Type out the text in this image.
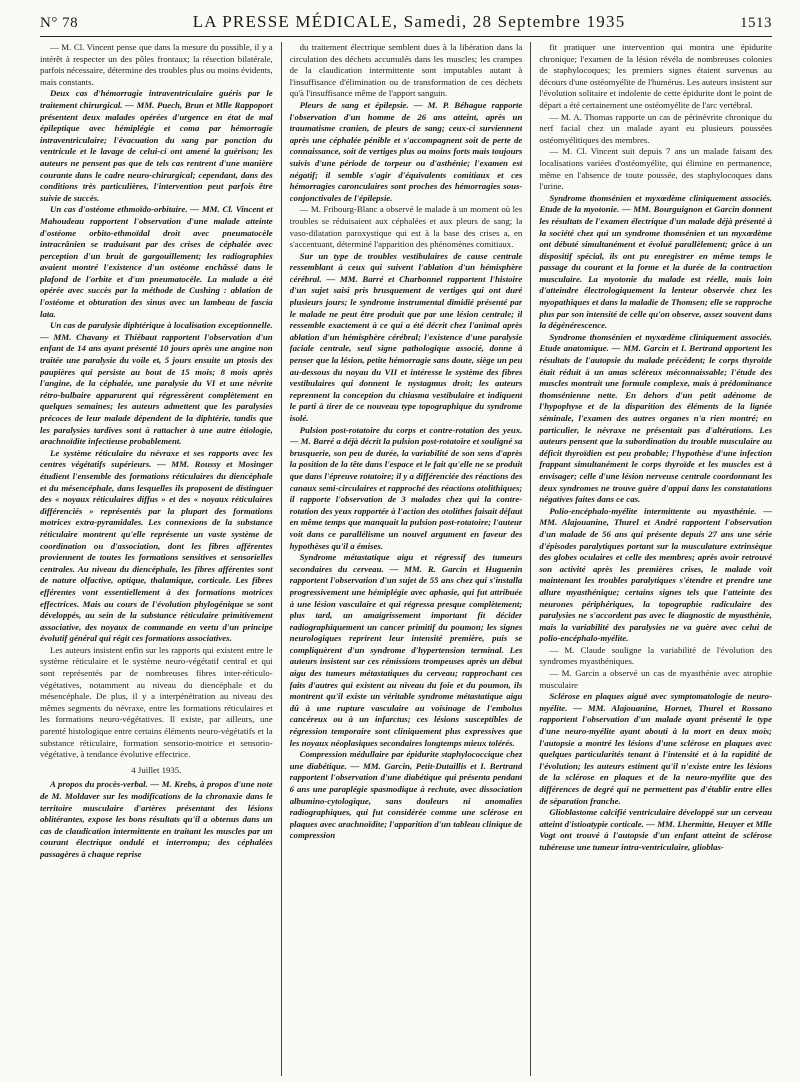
N° 78	LA PRESSE MÉDICALE, Samedi, 28 Septembre 1935	1513

— M. Cl. Vincent pense que dans la mesure du possible, il y a intérêt à respecter un des pôles frontaux; la résection bilatérale, parfois nécessaire, détermine des troubles plus ou moins évidents, mais constants.

Deux cas d'hémorragie intraventriculaire guéris par le traitement chirurgical. — MM. Puech, Brun et Mlle Rappoport présentent deux malades opérées d'urgence en état de mal épileptique avec hémiplégie et coma par hémorragie intraventriculaire; l'évacuation du sang par ponction du ventricule et le lavage de celui-ci ont amené la guérison; les auteurs ne pensent pas que de tels cas rentrent d'une manière courante dans le cadre neuro-chirurgical; cependant, dans des conditions très particulières, l'intervention peut parfois être suivie de succès.

Un cas d'ostéome ethmoïdo-orbitaire. — MM. Cl. Vincent et Mahoudeau rapportent l'observation d'une malade atteinte d'ostéome orbito-ethmoïdal droit avec pneumatocèle intracrânien se traduisant par des crises de céphalée avec perception d'un bruit de gargouillement; les radiographies avaient montré l'existence d'un ostéome enchâssé dans le plafond de l'orbite et d'un pneumatocèle. La malade a été opérée avec succès par la méthode de Cushing : ablation de l'ostéome et obturation des sinus avec un lambeau de fascia lata.

Un cas de paralysie diphtérique à localisation exceptionnelle. — MM. Chavany et Thiébaut rapportent l'observation d'un enfant de 14 ans ayant présenté 10 jours après une angine non traitée une paralysie du voile et, 5 jours ensuite un ptosis des paupières qui persiste au bout de 15 mois; 8 mois après l'angine, de la céphalée, une paralysie du VI et une névrite rétro-bulbaire apparurent qui régressèrent complètement en quelques semaines; les auteurs admettent que les paralysies précoces de leur malade dépendent de la diphtérie, tandis que les paralysies tardives sont à rattacher à une autre étiologie, arachnoïdite infectieuse probablement.

Le système réticulaire du névraxe et ses rapports avec les centres végétatifs supérieurs. — MM. Roussy et Mosinger étudient l'ensemble des formations réticulaires du diencéphale et du mésencéphale, dans lesquelles ils proposent de distinguer des « noyaux réticulaires diffus » et des « noyaux réticulaires différenciés » représentés par la plupart des formations motrices extra-pyramidales. Les connexions de la substance réticulaire montrent qu'elle représente un vaste système de coordination ou d'association, dont les fibres afférentes proviennent de toutes les formations sensitives et sensorielles centrales. Au niveau du diencéphale, les fibres afférentes sont de nature olfactive, optique, thalamique, corticale. Les fibres efférentes vont essentiellement à des formations motrices effectrices. Mais au cours de l'évolution phylogénique se sont développés, au sein de la substance réticulaire primitivement associative, des noyaux de commande en vertu d'un principe évolutif général qui régit ces formations associatives.

Les auteurs insistent enfin sur les rapports qui existent entre le système réticulaire et le système neuro-végétatif central et qui sont représentés par de nombreuses fibres inter-réticulo-végétatives, notamment au niveau du diencéphale et du mésencéphale. De plus, il y a interpénétration au niveau des mêmes segments du névraxe, entre les formations réticulaires et les formations neuro-végétatives. Il existe, par ailleurs, une parenté histologique entre certains éléments neuro-végétatifs et la substance réticulaire, formation sensorio-motrice et sensorio-végétative, à tendance évolutive effectrice.

4 Juillet 1935.

A propos du procès-verbal. — M. Krebs, à propos d'une note de M. Moldaver sur les modifications de la chronaxie dans le territoire musculaire d'artères présentant des lésions oblitérantes, expose les bons résultats qu'il a obtenus dans un cas de claudication intermittente en traitant les muscles par un courant électrique ondulé et interrompu; des céphalées passagères à chaque reprise

du traitement électrique semblent dues à la libération dans la circulation des déchets accumulés dans les muscles; les crampes de la claudication intermittente sont imputables autant à l'insuffisance d'élimination ou de transformation de ces déchets qu'à l'insuffisance même de l'apport sanguin.

Pleurs de sang et épilepsie. — M. P. Béhague rapporte l'observation d'un homme de 26 ans atteint, après un traumatisme cranien, de pleurs de sang; ceux-ci surviennent après une céphalée pénible et s'accompagnent soit de perte de connaissance, soit de vertiges plus ou moins forts mais toujours suivis d'une période de torpeur ou d'asthénie; l'examen est négatif; il semble s'agir d'équivalents comitiaux et ces hémorragies caronculaires sont proches des hémorragies sous-conjonctivales de l'épilepsie.

— M. Fribourg-Blanc a observé le malade à un moment où les troubles se réduisaient aux céphalées et aux pleurs de sang; la vaso-dilatation paroxystique qui est à la base des crises a, en s'accentuant, déterminé l'apparition des phénomènes comitiaux.

Sur un type de troubles vestibulaires de cause centrale ressemblant à ceux qui suivent l'ablation d'un hémisphère cérébral. — MM. Barré et Charbonnel rapportent l'histoire d'un sujet saisi pris brusquement de vertiges qui ont duré plusieurs jours; le syndrome instrumental dimidié présenté par le malade ne peut être produit que par une lésion centrale; il ressemble exactement à ce qui a été décrit chez l'animal après ablation d'un hémisphère cérébral; l'existence d'une paralysie faciale centrale, seul signe pathologique associé, donne à penser que la lésion, petite hémorragie sans doute, siège un peu au-dessous du noyau du VII et intéresse le système des fibres vestibulaires qui donnent le nystagmus droit; les auteurs reprennent la conception du chiasma vestibulaire et indiquent le parti à tirer de ce nouveau type topographique du syndrome isolé.

Pulsion post-rotatoire du corps et contre-rotation des yeux. — M. Barré a déjà décrit la pulsion post-rotatoire et souligné sa brusquerie, son peu de durée, la variabilité de son sens d'après la position de la tête dans l'espace et le fait qu'elle ne se produit que dans l'épreuve rotatoire; il y a différenciée des réactions des canaux semi-circulaires et rapproché des réactions otolithiques; il rapporte l'observation de 3 malades chez qui la contre-rotation des yeux rapportée à l'action des otolithes faisait défaut en même temps que manquait la pulsion post-rotatoire; l'auteur voit dans ce parallélisme un nouvel argument en faveur des hypothèses qu'il a émises.

Syndrome métastatique aigu et régressif des tumeurs secondaires du cerveau. — MM. R. Garcin et Huguenin rapportent l'observation d'un sujet de 55 ans chez qui s'installa progressivement une hémiplégie avec aphasie, qui fut attribuée à une lésion vasculaire et qui régressa presque complètement; plus tard, un amaigrissement important fit décider radiographiquement un cancer primitif du poumon; les signes neurologiques reprirent leur intensité première, puis se compliquèrent d'un syndrome d'hypertension terminal. Les auteurs insistent sur ces rémissions trompeuses après un début aigu des tumeurs métastatiques du cerveau; rapprochant ces faits d'autres qui existent au niveau du foie et du poumon, ils montrent qu'il existe un véritable syndrome métastatique aigu dû à une rupture vasculaire au voisinage de l'embolus cancéreux ou à un infarctus; ces lésions susceptibles de régression temporaire sont cliniquement plus expressives que les noyaux néoplasiques secondaires longtemps mieux tolérés.

Compression médullaire par épidurite staphylococcique chez une diabétique. — MM. Garcin, Petit-Dutaillis et I. Bertrand rapportent l'observation d'une diabétique qui présenta pendant 6 ans une paraplégie spasmodique à rechute, avec dissociation albumino-cytologique, sans douleurs ni anomalies radiographiques, qui fut considérée comme une sclérose en plaques avec arachnoïdite; l'apparition d'un tableau clinique de compression

fit pratiquer une intervention qui montra une épidurite chronique; l'examen de la lésion révéla de nombreuses colonies de staphylocoques; les premiers signes étaient survenus au décours d'une ostéomyélite de l'humérus. Les auteurs insistent sur l'évolution solitaire et indolente de cette épidurite dont le point de départ a été certainement une ostéomyélite de l'arc vertébral.

— M. A. Thomas rapporte un cas de périnévrite chronique du nerf facial chez un malade ayant eu plusieurs poussées ostéomyélitiques des membres.

— M. Cl. Vincent suit depuis 7 ans un malade faisant des localisations variées d'ostéomyélite, qui élimine en permanence, même en l'absence de toute poussée, des staphylocoques dans l'urine.

Syndrome thomsénien et myxœdème cliniquement associés. Etude de la myotonie. — MM. Bourguignon et Garcin donnent les résultats de l'examen électrique d'un malade déjà présenté à la société chez qui un syndrome thomsénien et un myxœdème ont débuté simultanément et évolué parallèlement; grâce à un dispositif spécial, ils ont pu enregistrer en même temps le passage du courant et la forme et la durée de la contraction musculaire. La myotonie du malade est réelle, mais loin d'atteindre électrologiquement la lenteur observée chez les myopathiques et dans la maladie de Thomsen; elle se rapproche plus par son intensité de celle qu'on observe, assez souvent dans la dégénérescence.

Syndrome thomsénien et myxœdème cliniquement associés. Etude anatomique. — MM. Garcin et I. Bertrand apportent les résultats de l'autopsie du malade précédent; le corps thyroïde était réduit à un amas scléreux méconnaissable; l'étude des muscles montrait une formule complexe, mais à prédominance thomsénienne nette. En dehors d'un petit adénome de l'hypophyse et de la disparition des éléments de la lignée séminale, l'examen des autres organes n'a rien montré; en particulier, le névraxe ne présentait pas d'altérations. Les auteurs pensent que la subordination du trouble musculaire au déficit thyroïdien est peu probable; l'hypothèse d'une infection frappant simultanément le corps thyroïde et les muscles est à envisager; celle d'une lésion nerveuse centrale coordonnant les deux syndromes ne trouve guère d'appui dans les constatations négatives faites dans ce cas.

Polio-encéphalo-myélite intermittente ou myasthénie. — MM. Alajouanine, Thurel et André rapportent l'observation d'un malade de 56 ans qui présente depuis 27 ans une série d'épisodes paralytiques portant sur la musculature extrinsèque des globes oculaires et celle des membres; après avoir retrouvé son activité après les premières crises, le malade voit maintenant les troubles paralytiques s'étendre et prendre une allure myasthénique; certains signes tels que l'atteinte des neurones périphériques, la topographie radiculaire des paralysies ne s'accordent pas avec le diagnostic de myasthénie, mais la variabilité des paralysies ne va guère avec celui de polio-encéphalo-myélite.

— M. Claude souligne la variabilité de l'évolution des syndromes myasthéniques.

— M. Garcin a observé un cas de myasthénie avec atrophie musculaire

Sclérose en plaques aiguë avec symptomatologie de neuro-myélite. — MM. Alajouanine, Hornet, Thurel et Rossano rapportent l'observation d'un malade ayant présenté le type d'une neuro-myélite ayant abouti à la mort en deux mois; l'autopsie a montré les lésions d'une sclérose en plaques avec quelques particularités tenant à l'intensité et à la rapidité de l'évolution; les auteurs estiment qu'il n'existe entre les lésions de la sclérose en plaques et de la neuro-myélite que des différences de degré qui ne permettent pas d'établir entre elles de séparation franche.

Glioblastome calcifié ventriculaire développé sur un cerveau atteint d'istioatypie corticale. — MM. Lhermitte, Heuyer et Mlle Vogt ont trouvé à l'autopsie d'un enfant atteint de sclérose tubéreuse une tumeur intra-ventriculaire, glioblas-
